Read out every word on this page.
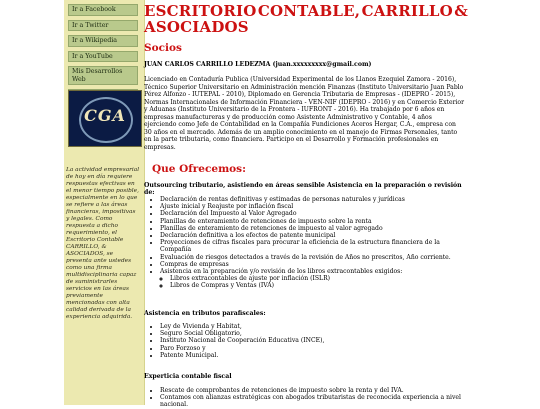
Ir a Facebook
Ir a Twitter
Ir a Wikipedia
Ir a YouTube
Mis Desarrollos Web
CGA
La actividad empresarial de hoy en día requiere respuestas efectivas en el menor tiempo posible, especialmente en lo que se refiere a las áreas financieras, impositivas y legales. Como respuesta a dicho requerimiento, el Escritorio Contable CARRILLO, & ASOCIADOS, se presenta ante ustedes como una firma multidisciplinaria capaz de suministrarles servicios en las áreas previamente mencionadas con alta calidad derivada de la experiencia adquirida.
ESCRITORIO CONTABLE, CARRILLO &
ASOCIADOS
Socios
JUAN CARLOS CARRILLO LEDEZMA (juan.xxxxxxxxx@gmail.com)
Licenciado en Contaduría Publica (Universidad Experimental de los Llanos Ezequiel Zamora - 2016), Técnico Superior Universitario en Administración mención Finanzas (Instituto Universitario Juan Pablo Pérez Alfonzo - IUTEPAL - 2010), Diplomado en Gerencia Tributaria de Empresas - (IDEPRO - 2015), Normas Internacionales de Información Financiera - VEN-NIF (IDEPRO - 2016) y en Comercio Exterior y Aduanas (Instituto Universitario de la Frontera - IUFRONT - 2016). Ha trabajado por 6 años en empresas manufactureras y de producción como Asistente Administrativo y Contable, 4 años ejerciendo como Jefe de Contabilidad en la Compañía Fundiciones Aceros Hergar, C.A., empresa con 30 años en el mercado. Además de un amplio conocimiento en el manejo de Firmas Personales, tanto en la parte tributaria, como financiera. Participo en el Desarrollo y Formación profesionales en empresas.
Que Ofrecemos:
Outsourcing tributario, asistiendo en áreas sensible Asistencia en la preparación o revisión de:
• Declaración de rentas definitivas y estimadas de personas naturales y jurídicas
• Ajuste inicial y Reajuste por inflación fiscal
• Declaración del Impuesto al Valor Agregado
• Planillas de enteramiento de retenciones de impuesto sobre la renta
• Planillas de enteramiento de retenciones de impuesto al valor agregado
• Declaración definitiva a los efectos de patente municipal
• Proyecciones de cifras fiscales para procurar la eficiencia de la estructura financiera de la Compañía
• Evaluación de riesgos detectados a través de la revisión de Años no prescritos, Año corriente.
• Compras de empresas
• Asistencia en la preparación y/o revisión de los libros extracontables exigidos:
◦ Libros extracontables de ajuste por inflación (ISLR)
◦ Libros de Compras y Ventas (IVA)
Asistencia en tributos parafiscales:
• Ley de Vivienda y Habitat,
• Seguro Social Obligatorio,
• Instituto Nacional de Cooperación Educativa (INCE),
• Paro Forzoso y
• Patente Municipal.
Experticia contable fiscal
• Rescate de comprobantes de retenciones de impuesto sobre la renta y del IVA.
• Contamos con alianzas estratégicas con abogados tributaristas de reconocida experiencia a nivel nacional.
